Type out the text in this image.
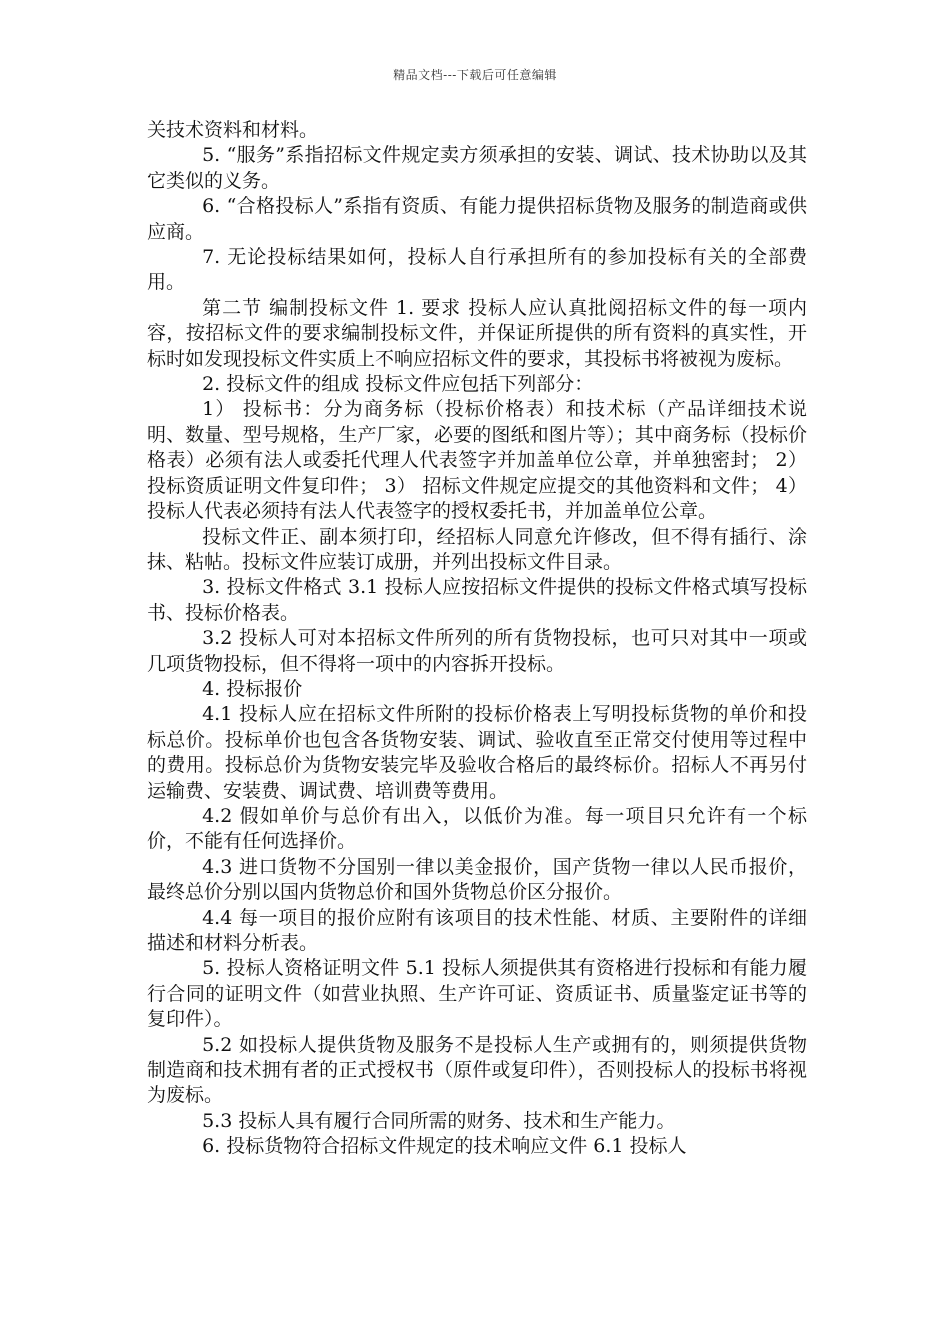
精品文档---下载后可任意编辑

关技术资料和材料。

5. “服务”系指招标文件规定卖方须承担的安装、调试、技术协助以及其它类似的义务。

6. “合格投标人”系指有资质、有能力提供招标货物及服务的制造商或供应商。

7. 无论投标结果如何，投标人自行承担所有的参加投标有关的全部费用。

第二节 编制投标文件 1. 要求 投标人应认真批阅招标文件的每一项内容，按招标文件的要求编制投标文件，并保证所提供的所有资料的真实性，开标时如发现投标文件实质上不响应招标文件的要求，其投标书将被视为废标。

2. 投标文件的组成 投标文件应包括下列部分：

1） 投标书：分为商务标（投标价格表）和技术标（产品详细技术说明、数量、型号规格，生产厂家，必要的图纸和图片等）；其中商务标（投标价格表）必须有法人或委托代理人代表签字并加盖单位公章，并单独密封； 2） 投标资质证明文件复印件； 3） 招标文件规定应提交的其他资料和文件； 4） 投标人代表必须持有法人代表签字的授权委托书，并加盖单位公章。

投标文件正、副本须打印，经招标人同意允许修改，但不得有插行、涂抹、粘帖。投标文件应装订成册，并列出投标文件目录。

3. 投标文件格式 3.1 投标人应按招标文件提供的投标文件格式填写投标书、投标价格表。

3.2 投标人可对本招标文件所列的所有货物投标，也可只对其中一项或几项货物投标，但不得将一项中的内容拆开投标。

4. 投标报价

4.1 投标人应在招标文件所附的投标价格表上写明投标货物的单价和投标总价。投标单价也包含各货物安装、调试、验收直至正常交付使用等过程中的费用。投标总价为货物安装完毕及验收合格后的最终标价。招标人不再另付运输费、安装费、调试费、培训费等费用。

4.2 假如单价与总价有出入，以低价为准。每一项目只允许有一个标价，不能有任何选择价。

4.3 进口货物不分国别一律以美金报价，国产货物一律以人民币报价，最终总价分别以国内货物总价和国外货物总价区分报价。

4.4 每一项目的报价应附有该项目的技术性能、材质、主要附件的详细描述和材料分析表。

5. 投标人资格证明文件 5.1 投标人须提供其有资格进行投标和有能力履行合同的证明文件（如营业执照、生产许可证、资质证书、质量鉴定证书等的复印件）。

5.2 如投标人提供货物及服务不是投标人生产或拥有的，则须提供货物制造商和技术拥有者的正式授权书（原件或复印件），否则投标人的投标书将视为废标。

5.3 投标人具有履行合同所需的财务、技术和生产能力。

6. 投标货物符合招标文件规定的技术响应文件 6.1 投标人
